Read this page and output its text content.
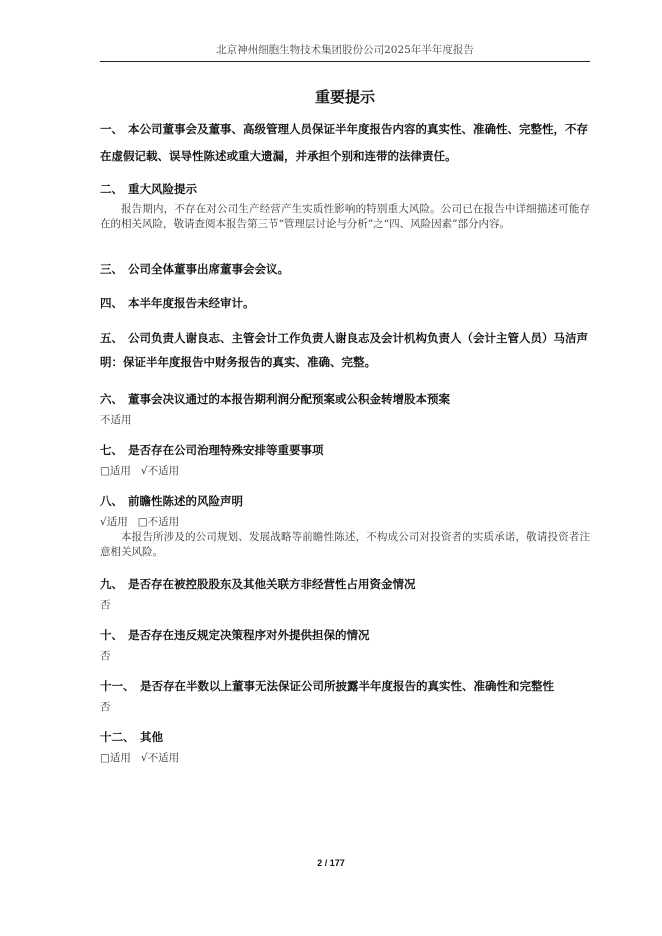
北京神州细胞生物技术集团股份公司2025年半年度报告
重要提示
一、 本公司董事会及董事、高级管理人员保证半年度报告内容的真实性、准确性、完整性，不存在虚假记载、误导性陈述或重大遗漏，并承担个别和连带的法律责任。
二、 重大风险提示
报告期内，不存在对公司生产经营产生实质性影响的特别重大风险。公司已在报告中详细描述可能存在的相关风险，敬请查阅本报告第三节“管理层讨论与分析”之“四、风险因素”部分内容。
三、 公司全体董事出席董事会会议。
四、 本半年度报告未经审计。
五、 公司负责人谢良志、主管会计工作负责人谢良志及会计机构负责人（会计主管人员）马洁声明：保证半年度报告中财务报告的真实、准确、完整。
六、 董事会决议通过的本报告期利润分配预案或公积金转增股本预案
不适用
七、 是否存在公司治理特殊安排等重要事项
□适用 √不适用
八、 前瞻性陈述的风险声明
√适用 □不适用
本报告所涉及的公司规划、发展战略等前瞻性陈述，不构成公司对投资者的实质承诺，敬请投资者注意相关风险。
九、 是否存在被控股股东及其他关联方非经营性占用资金情况
否
十、 是否存在违反规定决策程序对外提供担保的情况
否
十一、 是否存在半数以上董事无法保证公司所披露半年度报告的真实性、准确性和完整性
否
十二、 其他
□适用 √不适用
2 / 177
